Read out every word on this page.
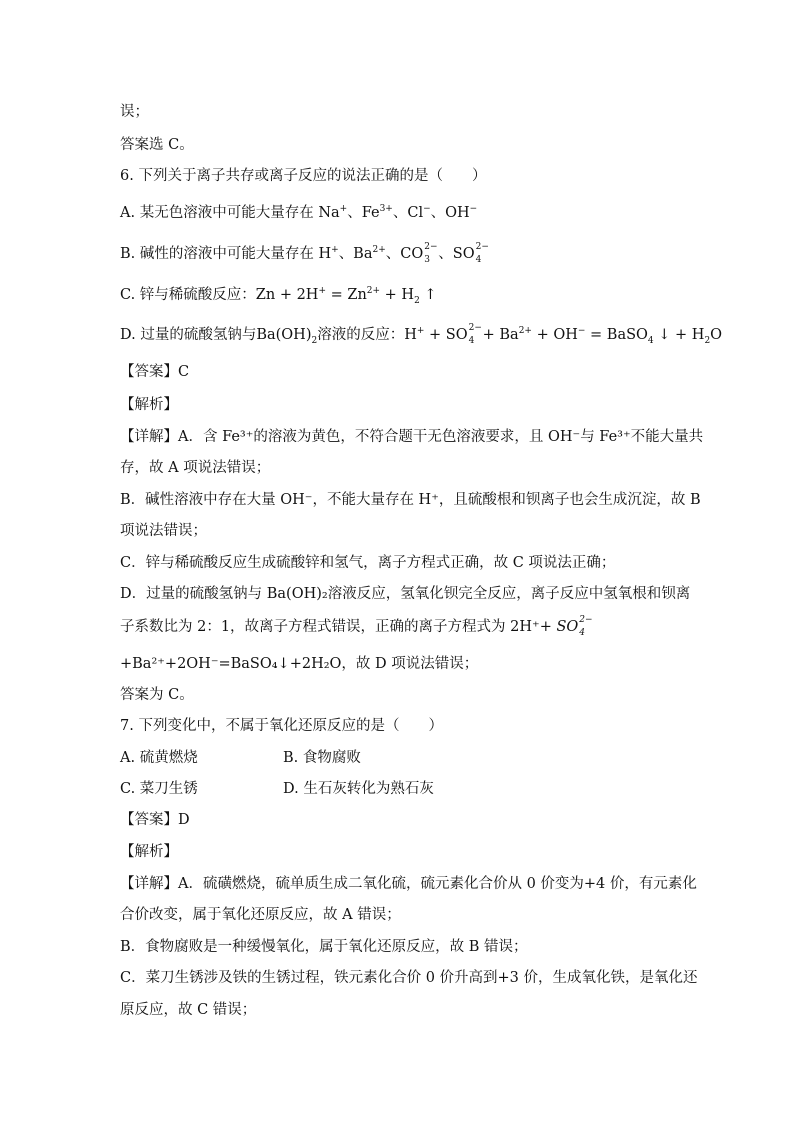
误；
答案选 C。
6. 下列关于离子共存或离子反应的说法正确的是（　　）
A. 某无色溶液中可能大量存在 Na+、$Fe^{3+}$、Cl−、OH−
B. 碱性的溶液中可能大量存在 H+、$Ba^{2+}$、CO 2−
3 、SO 2−
4
C. 锌与稀硫酸反应：$Zn + 2H^+ = Zn^{2+} + H_2$ ↑
D. 过量的硫酸氢钠与$Ba(OH)_2$溶液的反应：H+ + SO 2−
$4 + Ba^{2+} + OH^-$ = BaSO$_4$ ↓ + $H_2O$
【答案】C
【解析】
【详解】A．含 Fe³⁺的溶液为黄色，不符合题干无色溶液要求，且 OH⁻与 Fe³⁺不能大量共
存，故 A 项说法错误；
B．碱性溶液中存在大量 OH⁻，不能大量存在 H⁺，且硫酸根和钡离子也会生成沉淀，故 B
项说法错误；
C．锌与稀硫酸反应生成硫酸锌和氢气，离子方程式正确，故 C 项说法正确；
D．过量的硫酸氢钠与 Ba(OH)₂溶液反应，氢氧化钡完全反应，离子反应中氢氧根和钡离
子系数比为 2：1，故离子方程式错误，正确的离子方程式为 2H⁺+ SO 2−
4
+Ba²⁺+2OH⁻=BaSO₄↓+2H₂O，故 D 项说法错误；
答案为 C。
7. 下列变化中，不属于氧化还原反应的是（　　）
A. 硫黄燃烧	B. 食物腐败
C. 菜刀生锈	D. 生石灰转化为熟石灰
【答案】D
【解析】
【详解】A．硫磺燃烧，硫单质生成二氧化硫，硫元素化合价从 0 价变为+4 价，有元素化
合价改变，属于氧化还原反应，故 A 错误；
B．食物腐败是一种缓慢氧化，属于氧化还原反应，故 B 错误；
C．菜刀生锈涉及铁的生锈过程，铁元素化合价 0 价升高到+3 价，生成氧化铁，是氧化还
原反应，故 C 错误；
